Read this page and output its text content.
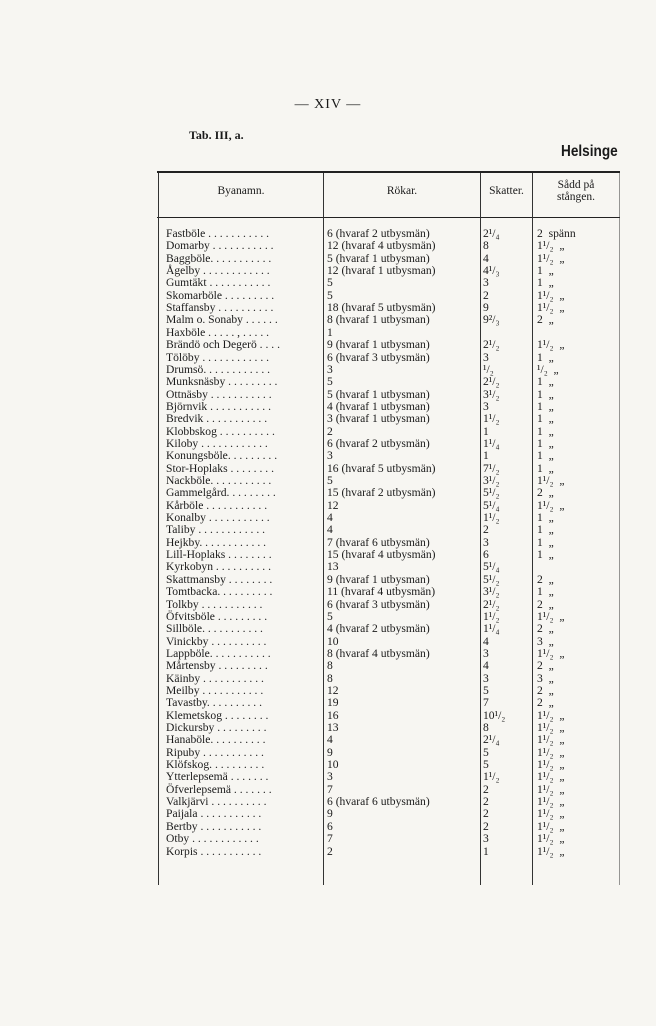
— XIV —
Tab. III, a.
Helsinge
Byanamn.	Rökar.	Skatter.	Sådd på
stången.
Fastböle . . . . . . . . . . .	6 (hvaraf 2 utbysmän)	2¹/₄	2  spänn
Domarby . . . . . . . . . . .	12 (hvaraf 4 utbysmän)	8	1¹/₂  „
Baggböle. . . . . . . . . . .	5 (hvaraf 1 utbysman)	4	1¹/₂  „
Ågelby . . . . . . . . . . . .	12 (hvaraf 1 utbysman)	4¹/₃	1  „
Gumtäkt . . . . . . . . . . .	5	3	1  „
Skomarböle . . . . . . . . .	5	2	1¹/₂  „
Staffansby . . . . . . . . . .	18 (hvaraf 5 utbysmän)	9	1¹/₂  „
Malm o. Sonaby . . . . . .	8 (hvaraf 1 utbysman)	9²/₃	2  „
Haxböle . . . . . , . . . . .	1
Brändö och Degerö . . . .	9 (hvaraf 1 utbysman)	2¹/₂	1¹/₂  „
Tölöby . . . . . . . . . . . .	6 (hvaraf 3 utbysmän)	3	1  „
Drumsö. . . . . . . . . . . .	3	¹/₂	¹/₂  „
Munksnäsby . . . . . . . . .	5	2¹/₂	1  „
Ottnäsby . . . . . . . . . . .	5 (hvaraf 1 utbysman)	3¹/₂	1  „
Björnvik . . . . . . . . . . .	4 (hvaraf 1 utbysman)	3	1  „
Bredvik . . . . . . . . . . .	3 (hvaraf 1 utbysman)	1¹/₂	1  „
Klobbskog . . . . . . . . . .	2	1	1  „
Kiloby . . . . . . . . . . . .	6 (hvaraf 2 utbysmän)	1¹/₄	1  „
Konungsböle. . . . . . . . .	3	1	1  „
Stor-Hoplaks . . . . . . . .	16 (hvaraf 5 utbysmän)	7¹/₂	1  „
Nackböle. . . . . . . . . . .	5	3¹/₂	1¹/₂  „
Gammelgård. . . . . . . . .	15 (hvaraf 2 utbysmän)	5¹/₂	2  „
Kårböle . . . . . . . . . . .	12	5¹/₄	1¹/₂  „
Konalby . . . . . . . . . . .	4	1¹/₂	1  „
Taliby . . . . . . . . . . . .	4	2	1  „
Hejkby. . . . . . . . . . . .	7 (hvaraf 6 utbysmän)	3	1  „
Lill-Hoplaks . . . . . . . .	15 (hvaraf 4 utbysmän)	6	1  „
Kyrkobyn . . . . . . . . . .	13	5¹/₄
Skattmansby . . . . . . . .	9 (hvaraf 1 utbysman)	5¹/₂	2  „
Tomtbacka. . . . . . . . . .	11 (hvaraf 4 utbysmän)	3¹/₂	1  „
Tolkby . . . . . . . . . . .	6 (hvaraf 3 utbysmän)	2¹/₂	2  „
Öfvitsböle . . . . . . . . .	5	1¹/₂	1¹/₂  „
Sillböle. . . . . . . . . . .	4 (hvaraf 2 utbysmän)	1¹/₄	2  „
Vinickby . . . . . . . . . .	10	4	3  „
Lappböle. . . . . . . . . . .	8 (hvaraf 4 utbysmän)	3	1¹/₂  „
Mårtensby . . . . . . . . .	8	4	2  „
Käinby . . . . . . . . . . .	8	3	3  „
Meilby . . . . . . . . . . .	12	5	2  „
Tavastby. . . . . . . . . .	19	7	2  „
Klemetskog . . . . . . . .	16	10¹/₂	1¹/₂  „
Dickursby . . . . . . . . .	13	8	1¹/₂  „
Hanaböle. . . . . . . . . .	4	2¹/₄	1¹/₂  „
Ripuby . . . . . . . . . . .	9	5	1¹/₂  „
Klöfskog. . . . . . . . . .	10	5	1¹/₂  „
Ytterlepsemä . . . . . . .	3	1¹/₂	1¹/₂  „
Öfverlepsemä . . . . . . .	7	2	1¹/₂  „
Valkjärvi . . . . . . . . . .	6 (hvaraf 6 utbysmän)	2	1¹/₂  „
Paijala . . . . . . . . . . .	9	2	1¹/₂  „
Bertby . . . . . . . . . . .	6	2	1¹/₂  „
Otby . . . . . . . . . . . .	7	3	1¹/₂  „
Korpis . . . . . . . . . . .	2	1	1¹/₂  „
